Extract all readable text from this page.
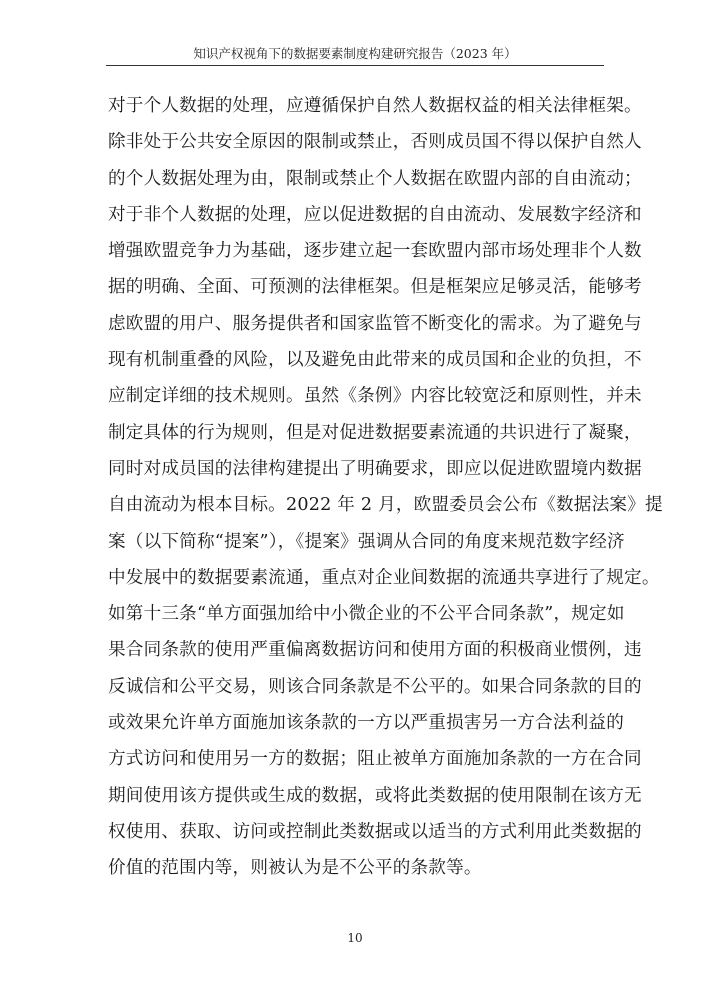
知识产权视角下的数据要素制度构建研究报告（2023 年）
对于个人数据的处理，应遵循保护自然人数据权益的相关法律框架。
除非处于公共安全原因的限制或禁止，否则成员国不得以保护自然人
的个人数据处理为由，限制或禁止个人数据在欧盟内部的自由流动；
对于非个人数据的处理，应以促进数据的自由流动、发展数字经济和
增强欧盟竞争力为基础，逐步建立起一套欧盟内部市场处理非个人数
据的明确、全面、可预测的法律框架。但是框架应足够灵活，能够考
虑欧盟的用户、服务提供者和国家监管不断变化的需求。为了避免与
现有机制重叠的风险，以及避免由此带来的成员国和企业的负担，不
应制定详细的技术规则。虽然《条例》内容比较宽泛和原则性，并未
制定具体的行为规则，但是对促进数据要素流通的共识进行了凝聚，
同时对成员国的法律构建提出了明确要求，即应以促进欧盟境内数据
自由流动为根本目标。2022 年 2 月，欧盟委员会公布《数据法案》提
案（以下简称“提案”），《提案》强调从合同的角度来规范数字经济
中发展中的数据要素流通，重点对企业间数据的流通共享进行了规定。
如第十三条“单方面强加给中小微企业的不公平合同条款”，规定如
果合同条款的使用严重偏离数据访问和使用方面的积极商业惯例，违
反诚信和公平交易，则该合同条款是不公平的。如果合同条款的目的
或效果允许单方面施加该条款的一方以严重损害另一方合法利益的
方式访问和使用另一方的数据；阻止被单方面施加条款的一方在合同
期间使用该方提供或生成的数据，或将此类数据的使用限制在该方无
权使用、获取、访问或控制此类数据或以适当的方式利用此类数据的
价值的范围内等，则被认为是不公平的条款等。
10
